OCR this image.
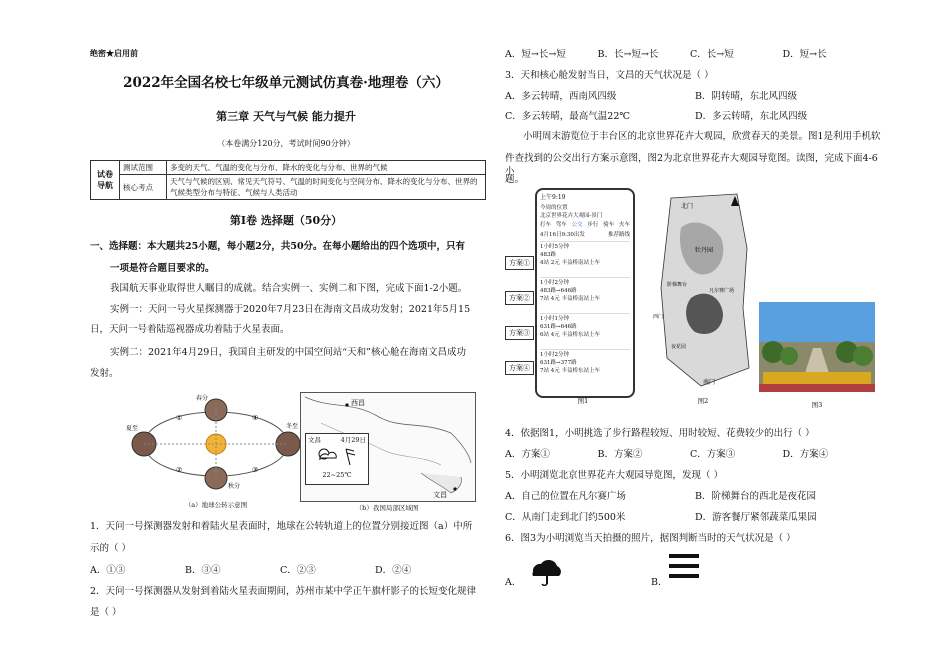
绝密★启用前
2022年全国名校七年级单元测试仿真卷·地理卷（六）
第三章 天气与气候 能力提升
（本卷满分120分，考试时间90分钟）
试卷导航	测试范围	多变的天气、气温的变化与分布、降水的变化与分布、世界的气候
	核心考点	天气与气候的区别、常见天气符号、气温的时间变化与空间分布、降水的变化与分布、世界的气候类型分布与特征、气候与人类活动
第Ⅰ卷 选择题（50分）
一、选择题：本大题共25小题，每小题2分，共50分。在每小题给出的四个选项中，只有
一项是符合题目要求的。
我国航天事业取得世人瞩目的成就。结合实例一、实例二和下图，完成下面1-2小题。
实例一：天问一号火星探测器于2020年7月23日在海南文昌成功发射；2021年5月15
日，天问一号着陆巡视器成功着陆于火星表面。
实例二：2021年4月29日，我国自主研发的中国空间站“天和”核心舱在海南文昌成功
发射。
春分
夏至
秋分
冬至
①
②	③
④
（a）地球公转示意图
西昌
文昌
文昌	4月29日
22~25℃
（b）我国局部区域图
1．天问一号探测器发射和着陆火星表面时，地球在公转轨道上的位置分别接近图（a）中所
示的（ ）
A．①③	B．③④	C．②③	D．②④
2．天问一号探测器从发射到着陆火星表面期间，苏州市某中学正午旗杆影子的长短变化规律
是（ ）
A．短→长→短	B．长→短→长	C．长→短	D．短→长
3．天和核心舱发射当日，文昌的天气状况是（ ）
A．多云转晴，西南风四级	B．阴转晴，东北风四级
C．多云转晴，最高气温22℃	D．多云转晴，东北风四级
小明周末游览位于丰台区的北京世界花卉大观园，欣赏春天的美景。图1是利用手机软
件查找到的公交出行方案示意图，图2为北京世界花卉大观园导览图。读图，完成下面4-6小
题。
上午9:19
今周的位置
北京世界花卉大观园-景门
打车 驾车 公交 步行 骑车 火车
4月16日9:30出发	推荐路线
1小时5分钟
483路
4站 2元 丰益桥南站上车
1小时2分钟
483路→646路
7站 4元 丰益桥南站上车
1小时1分钟
631路→646路
6站 4元 丰益桥东站上车
1小时2分钟
631路→377路
7站 4元 丰益桥东站上车
方案①
方案②
方案③
方案④
图1
北门
牡丹园
凡尔赛广场
阶梯舞台
夜花园
南门
西门
图2	图3
4．依据图1，小明挑选了步行路程较短、用时较短、花费较少的出行（ ）
A．方案①	B．方案②	C．方案③	D．方案④
5．小明浏览北京世界花卉大观园导览图，发现（ ）
A．自己的位置在凡尔赛广场	B．阶梯舞台的西北是夜花园
C．从南门走到北门约500米	D．游客餐厅紧邻蔬菜瓜果园
6．图3为小明浏览当天拍摄的照片，据图判断当时的天气状况是（ ）
A．	B．
